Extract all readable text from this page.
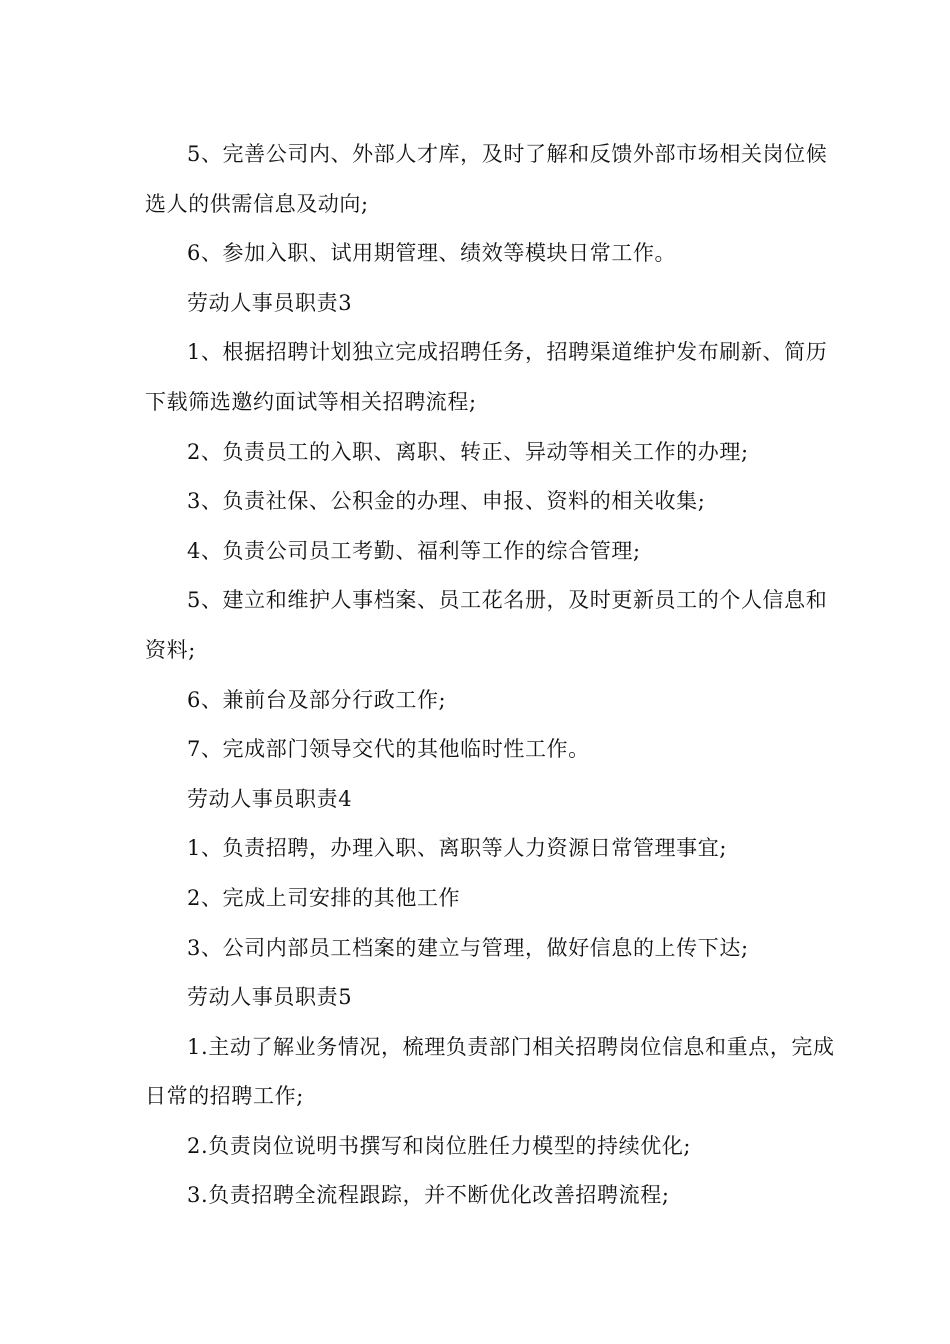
5、完善公司内、外部人才库，及时了解和反馈外部市场相关岗位候选人的供需信息及动向;

6、参加入职、试用期管理、绩效等模块日常工作。

劳动人事员职责3

1、根据招聘计划独立完成招聘任务，招聘渠道维护发布刷新、简历下载筛选邀约面试等相关招聘流程;

2、负责员工的入职、离职、转正、异动等相关工作的办理;

3、负责社保、公积金的办理、申报、资料的相关收集;

4、负责公司员工考勤、福利等工作的综合管理;

5、建立和维护人事档案、员工花名册，及时更新员工的个人信息和资料;

6、兼前台及部分行政工作;

7、完成部门领导交代的其他临时性工作。

劳动人事员职责4

1、负责招聘，办理入职、离职等人力资源日常管理事宜;

2、完成上司安排的其他工作

3、公司内部员工档案的建立与管理，做好信息的上传下达;

劳动人事员职责5

1.主动了解业务情况，梳理负责部门相关招聘岗位信息和重点，完成日常的招聘工作;

2.负责岗位说明书撰写和岗位胜任力模型的持续优化;

3.负责招聘全流程跟踪，并不断优化改善招聘流程;
